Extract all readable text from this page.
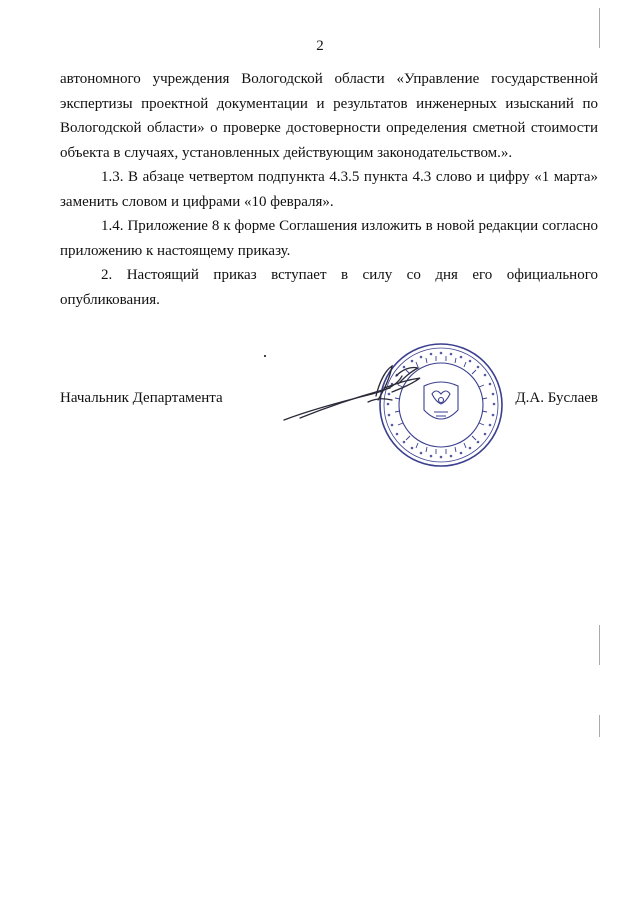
2

автономного учреждения Вологодской области «Управление государственной экспертизы проектной документации и результатов инженерных изысканий по Вологодской области» о проверке достоверности определения сметной стоимости объекта в случаях, установленных действующим законодательством.».

1.3. В абзаце четвертом подпункта 4.3.5 пункта 4.3 слово и цифру «1 марта» заменить словом и цифрами «10 февраля».

1.4. Приложение 8 к форме Соглашения изложить в новой редакции согласно приложению к настоящему приказу.

2. Настоящий приказ вступает в силу со дня его официального опубликования.

Начальник Департамента	Д.А. Буслаев
